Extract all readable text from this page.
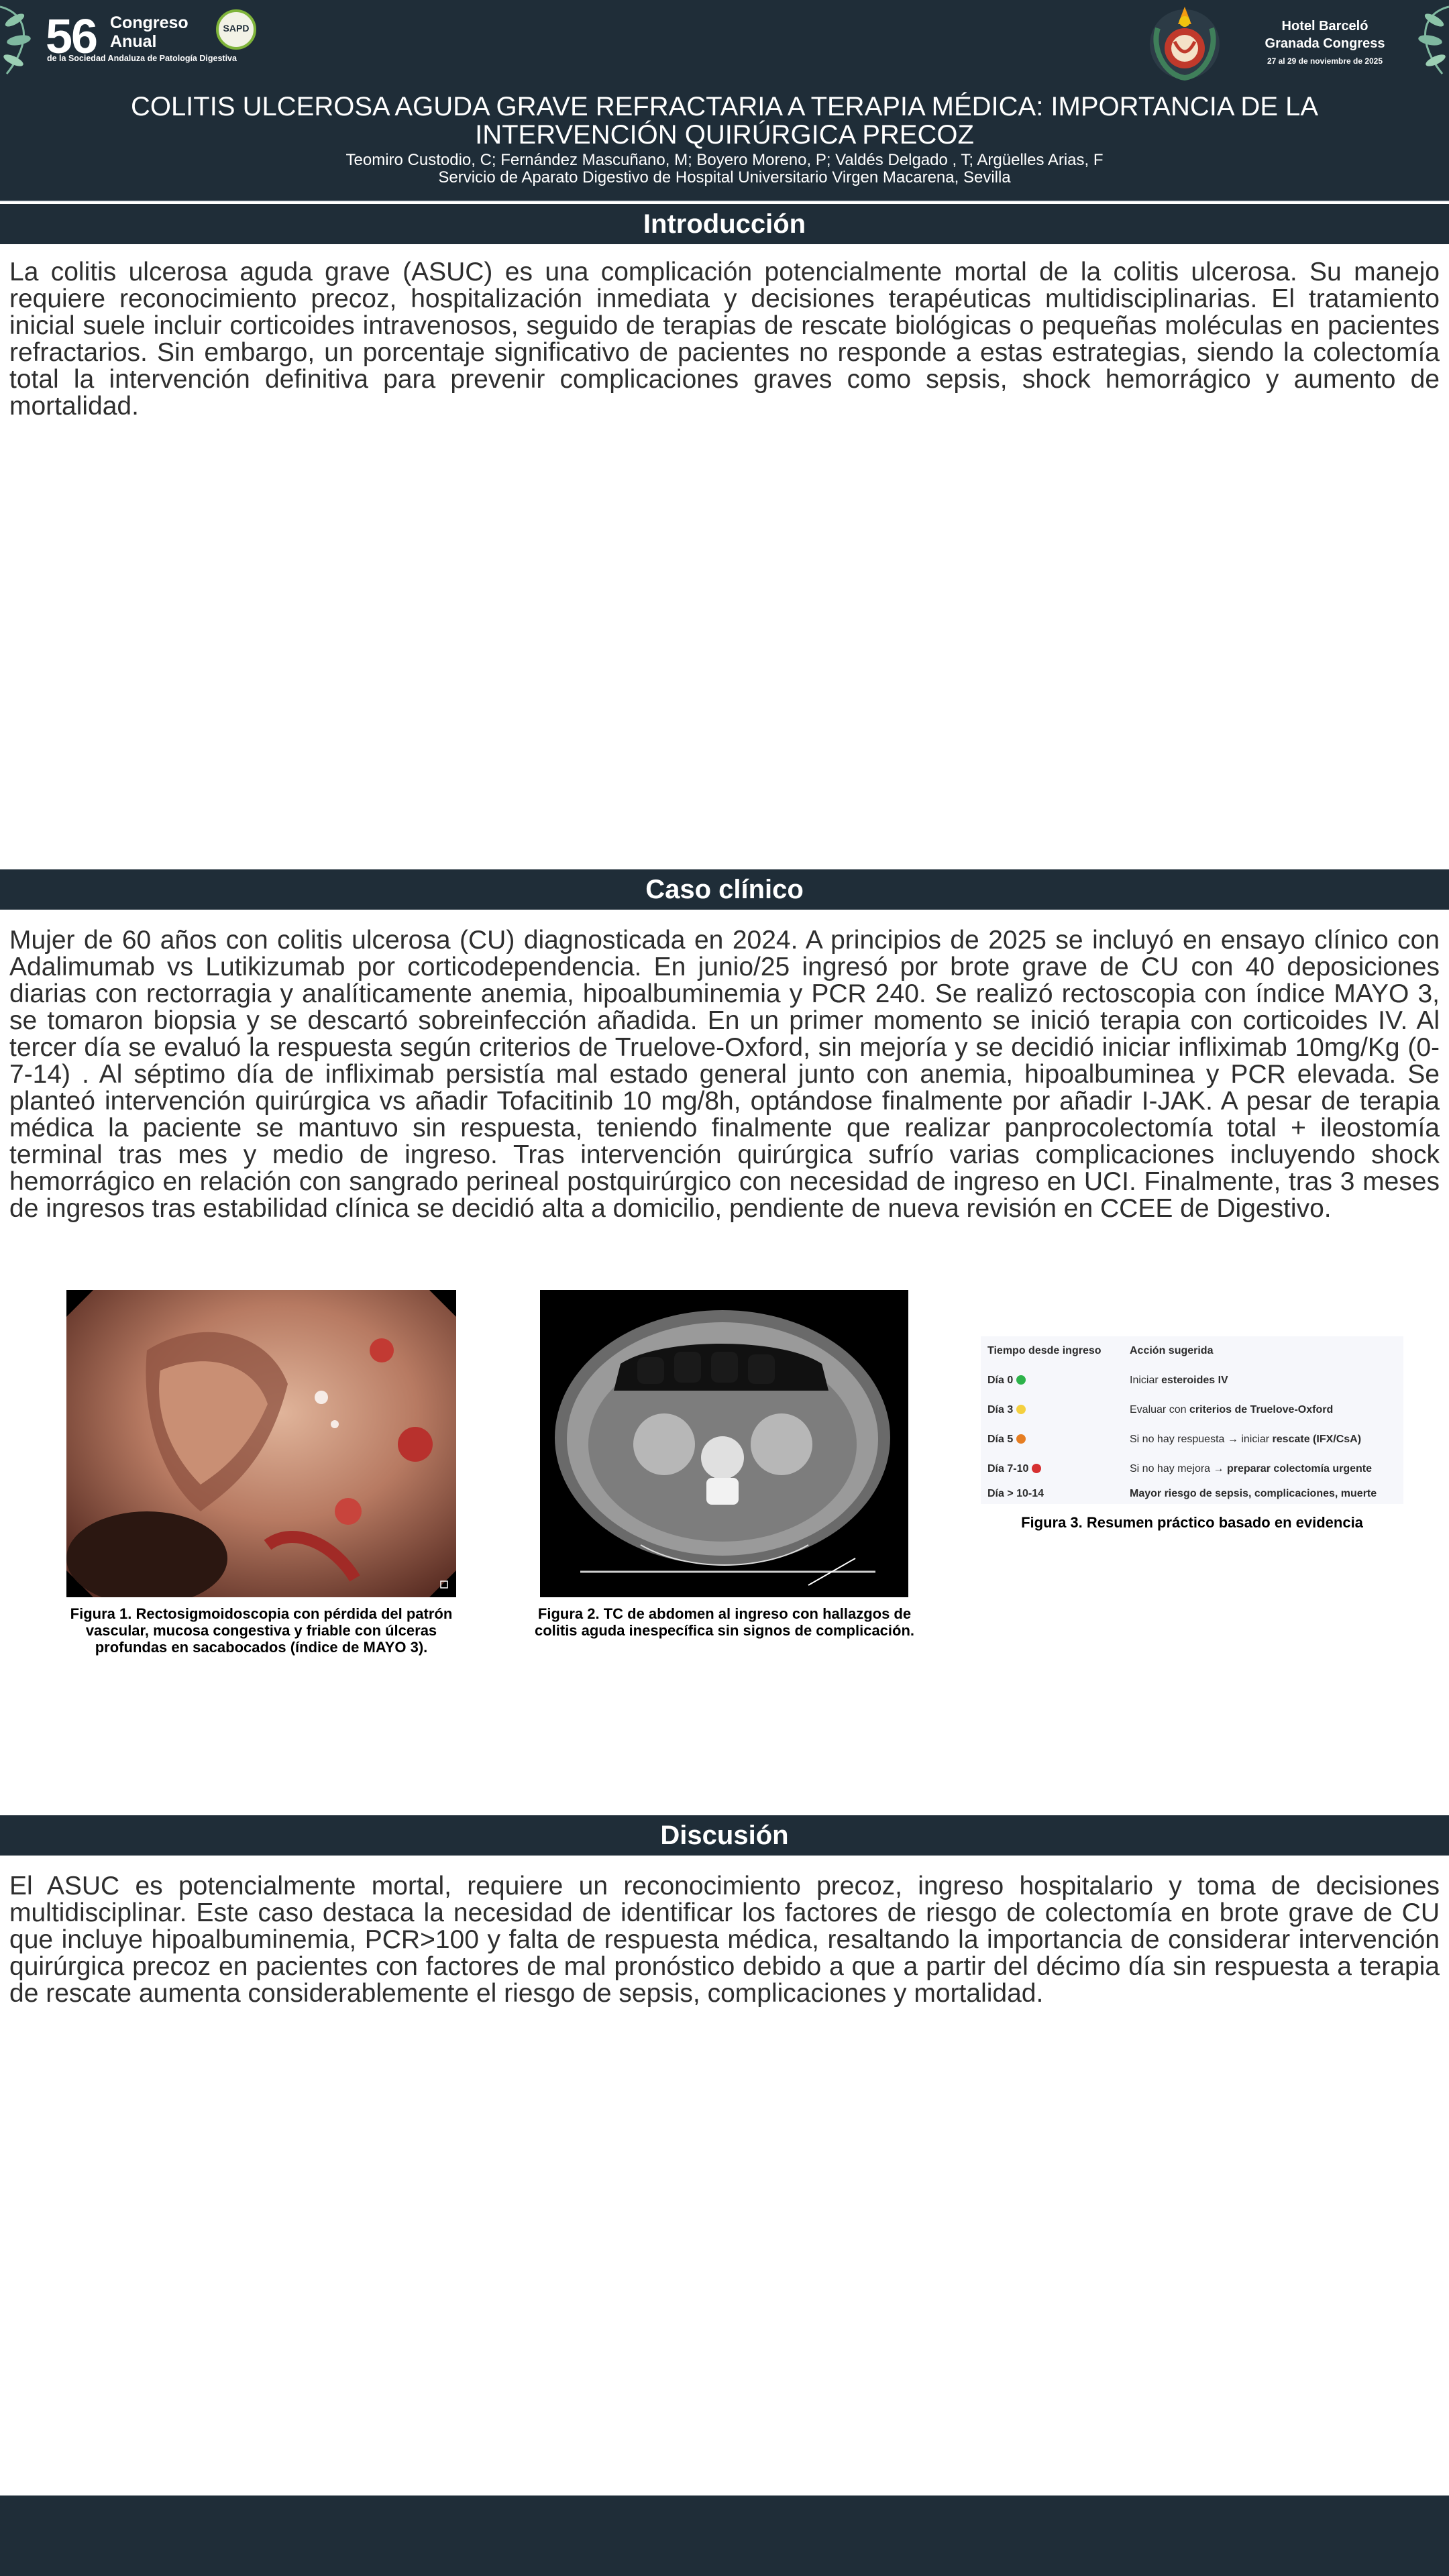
56 Congreso
Anual
de la Sociedad Andaluza de Patología Digestiva
SAPD	Hotel Barceló
Granada Congress
27 al 29 de noviembre de 2025
COLITIS ULCEROSA AGUDA GRAVE REFRACTARIA A TERAPIA MÉDICA: IMPORTANCIA DE LA INTERVENCIÓN QUIRÚRGICA PRECOZ
Teomiro Custodio, C; Fernández Mascuñano, M; Boyero Moreno, P; Valdés Delgado , T; Argüelles Arias, F
Servicio de Aparato Digestivo de Hospital Universitario Virgen Macarena, Sevilla
Introducción

La colitis ulcerosa aguda grave (ASUC) es una complicación potencialmente mortal de la colitis ulcerosa. Su manejo requiere reconocimiento precoz, hospitalización inmediata y decisiones terapéuticas multidisciplinarias. El tratamiento inicial suele incluir corticoides intravenosos, seguido de terapias de rescate biológicas o pequeñas moléculas en pacientes refractarios. Sin embargo, un porcentaje significativo de pacientes no responde a estas estrategias, siendo la colectomía total la intervención definitiva para prevenir complicaciones graves como sepsis, shock hemorrágico y aumento de mortalidad.

Caso clínico

Mujer de 60 años con colitis ulcerosa (CU) diagnosticada en 2024. A principios de 2025 se incluyó en ensayo clínico con Adalimumab vs Lutikizumab por corticodependencia. En junio/25 ingresó por brote grave de CU con 40 deposiciones diarias con rectorragia y analíticamente anemia, hipoalbuminemia y PCR 240. Se realizó rectoscopia con índice MAYO 3, se tomaron biopsia y se descartó sobreinfección añadida. En un primer momento se inició terapia con corticoides IV. Al tercer día se evaluó la respuesta según criterios de Truelove-Oxford, sin mejoría y se decidió iniciar infliximab 10mg/Kg (0-7-14) . Al séptimo día de infliximab persistía mal estado general junto con anemia, hipoalbuminea y PCR elevada. Se planteó intervención quirúrgica vs añadir Tofacitinib 10 mg/8h, optándose finalmente por añadir I-JAK. A pesar de terapia médica la paciente se mantuvo sin respuesta, teniendo finalmente que realizar panprocolectomía total + ileostomía terminal tras mes y medio de ingreso. Tras intervención quirúrgica sufrío varias complicaciones incluyendo shock hemorrágico en relación con sangrado perineal postquirúrgico con necesidad de ingreso en UCI. Finalmente, tras 3 meses de ingresos tras estabilidad clínica se decidió alta a domicilio, pendiente de nueva revisión en CCEE de Digestivo.

Figura 1. Rectosigmoidoscopia con pérdida del patrón vascular, mucosa congestiva y friable con úlceras profundas en sacabocados (índice de MAYO 3).
Figura 2. TC de abdomen al ingreso con hallazgos de colitis aguda inespecífica sin signos de complicación.
Tiempo desde ingreso	Acción sugerida
Día 0	Iniciar esteroides IV
Día 3	Evaluar con criterios de Truelove-Oxford
Día 5	Si no hay respuesta → iniciar rescate (IFX/CsA)
Día 7-10	Si no hay mejora → preparar colectomía urgente
Día > 10-14	Mayor riesgo de sepsis, complicaciones, muerte
Figura 3. Resumen práctico basado en evidencia
Discusión

El ASUC es potencialmente mortal, requiere un reconocimiento precoz, ingreso hospitalario y toma de decisiones multidisciplinar. Este caso destaca la necesidad de identificar los factores de riesgo de colectomía en brote grave de CU que incluye hipoalbuminemia, PCR>100 y falta de respuesta médica, resaltando la importancia de considerar intervención quirúrgica precoz en pacientes con factores de mal pronóstico debido a que a partir del décimo día sin respuesta a terapia de rescate aumenta considerablemente el riesgo de sepsis, complicaciones y mortalidad.
